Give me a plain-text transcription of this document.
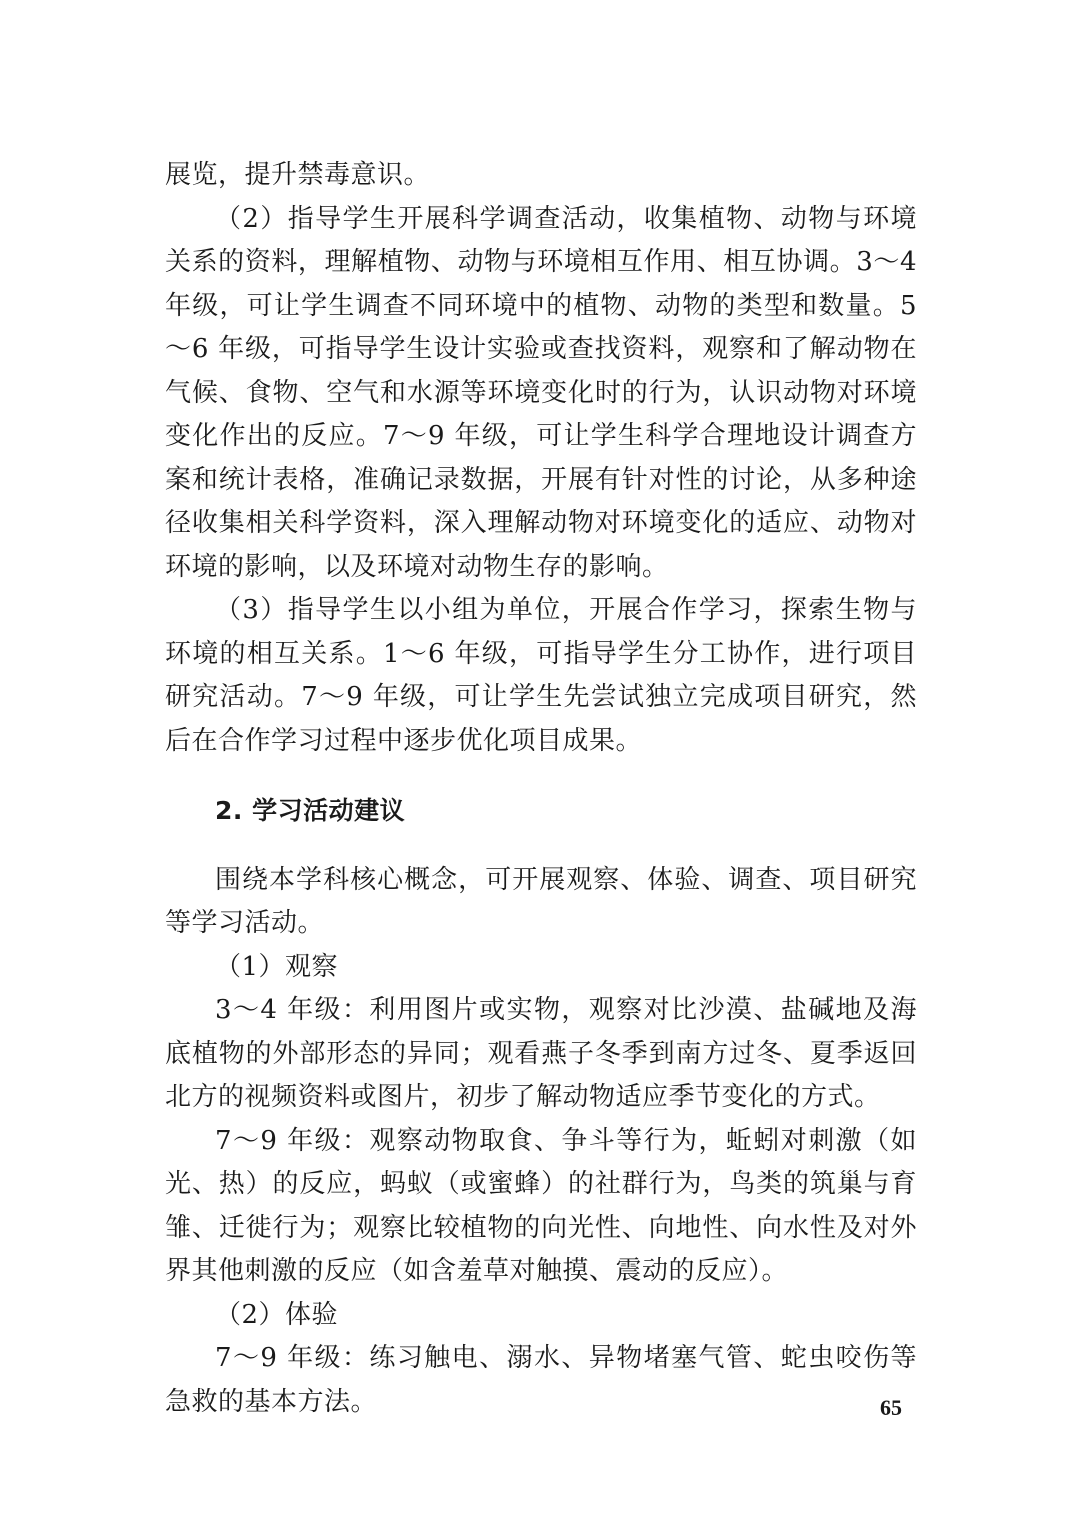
展览，提升禁毒意识。

（2）指导学生开展科学调查活动，收集植物、动物与环境关系的资料，理解植物、动物与环境相互作用、相互协调。3～4 年级，可让学生调查不同环境中的植物、动物的类型和数量。5～6 年级，可指导学生设计实验或查找资料，观察和了解动物在气候、食物、空气和水源等环境变化时的行为，认识动物对环境变化作出的反应。7～9 年级，可让学生科学合理地设计调查方案和统计表格，准确记录数据，开展有针对性的讨论，从多种途径收集相关科学资料，深入理解动物对环境变化的适应、动物对环境的影响，以及环境对动物生存的影响。

（3）指导学生以小组为单位，开展合作学习，探索生物与环境的相互关系。1～6 年级，可指导学生分工协作，进行项目研究活动。7～9 年级，可让学生先尝试独立完成项目研究，然后在合作学习过程中逐步优化项目成果。

2. 学习活动建议

围绕本学科核心概念，可开展观察、体验、调查、项目研究等学习活动。

（1）观察

3～4 年级：利用图片或实物，观察对比沙漠、盐碱地及海底植物的外部形态的异同；观看燕子冬季到南方过冬、夏季返回北方的视频资料或图片，初步了解动物适应季节变化的方式。

7～9 年级：观察动物取食、争斗等行为，蚯蚓对刺激（如光、热）的反应，蚂蚁（或蜜蜂）的社群行为，鸟类的筑巢与育雏、迁徙行为；观察比较植物的向光性、向地性、向水性及对外界其他刺激的反应（如含羞草对触摸、震动的反应）。

（2）体验

7～9 年级：练习触电、溺水、异物堵塞气管、蛇虫咬伤等急救的基本方法。	65
